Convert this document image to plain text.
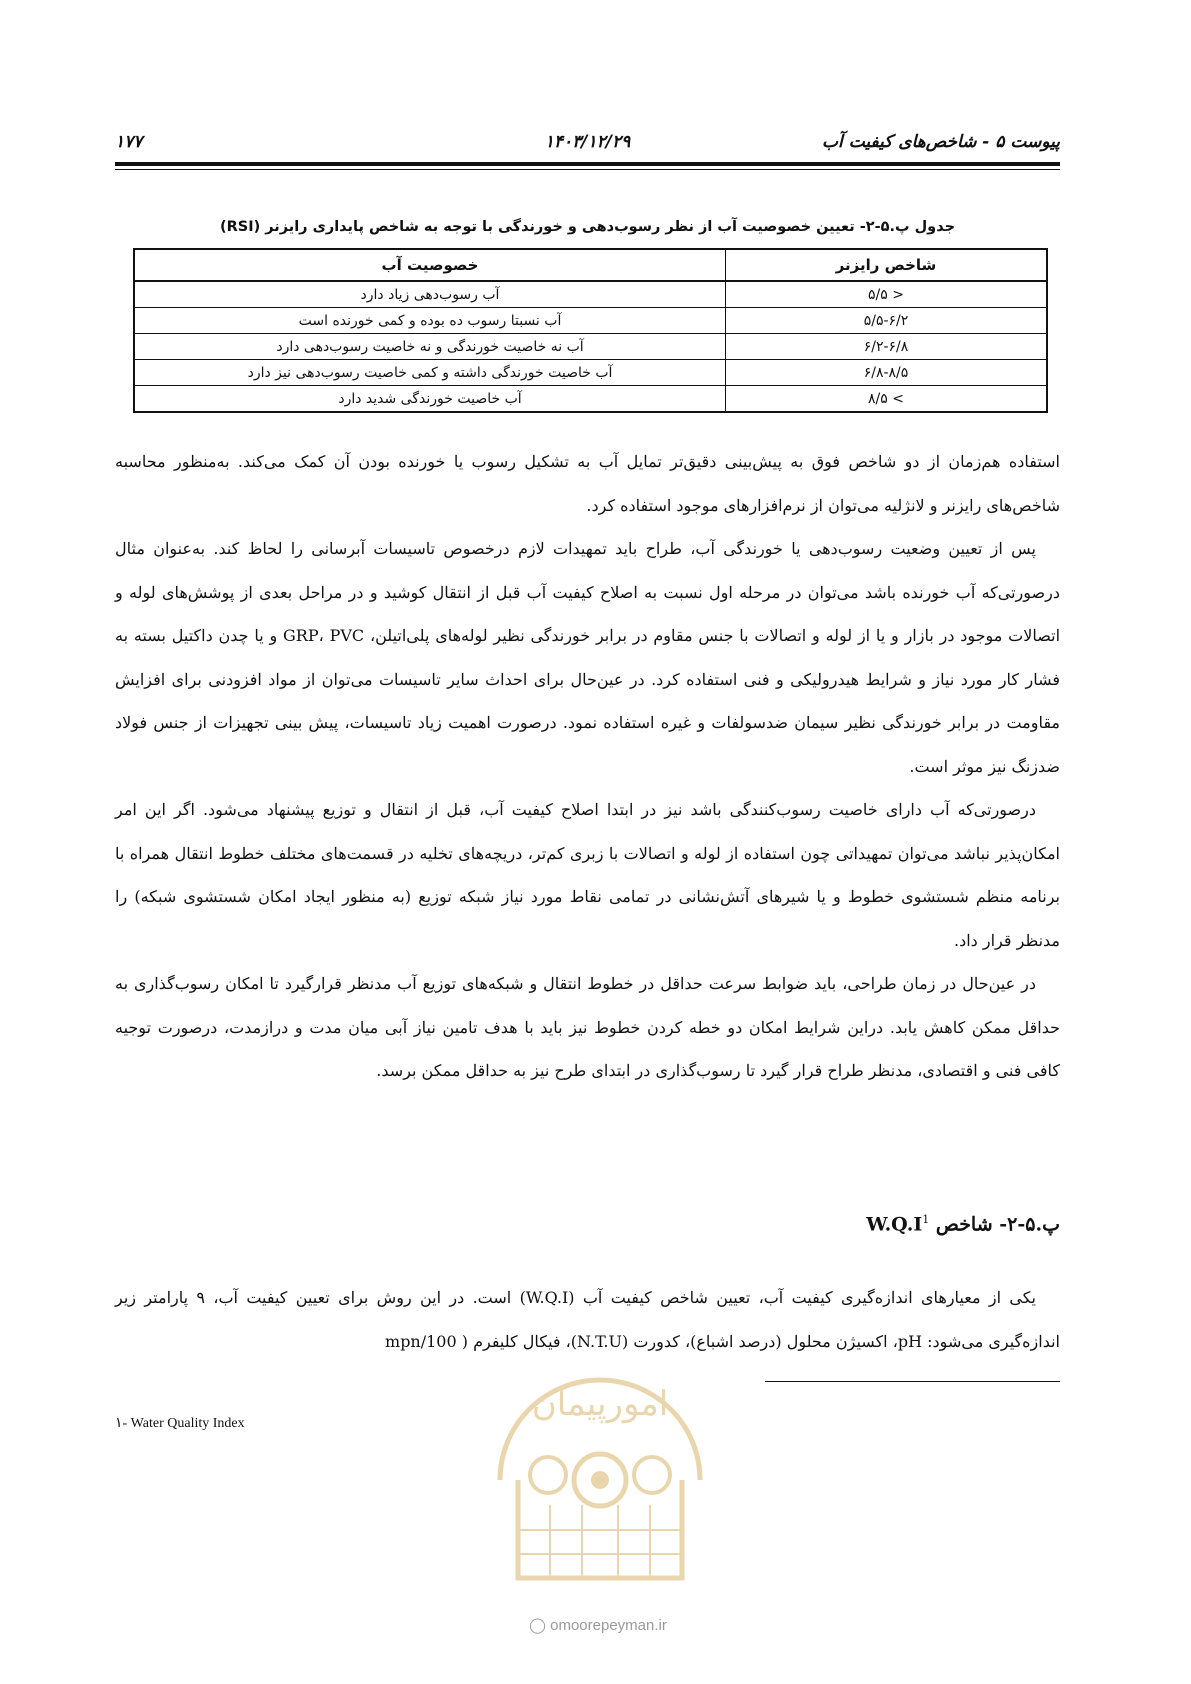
پیوست ۵ - شاخص‌های کیفیت آب
۱۴۰۳/۱۲/۲۹
۱۷۷
جدول پ.۵-۲- تعیین خصوصیت آب از نظر رسوب‌دهی و خورندگی با توجه به شاخص پایداری رایزنر (RSI)
شاخص رایزنر	خصوصیت آب
< ۵/۵	آب رسوب‌دهی زیاد دارد
۵/۵-۶/۲	آب نسبتا رسوب ده بوده و کمی خورنده است
۶/۲-۶/۸	آب نه خاصیت خورندگی و نه خاصیت رسوب‌دهی دارد
۶/۸-۸/۵	آب خاصیت خورندگی داشته و کمی خاصیت رسوب‌دهی نیز دارد
> ۸/۵	آب خاصیت خورندگی شدید دارد

استفاده هم‌زمان از دو شاخص فوق به پیش‌بینی دقیق‌تر تمایل آب به تشکیل رسوب یا خورنده بودن آن کمک می‌کند. به‌منظور محاسبه شاخص‌های رایزنر و لانژلیه می‌توان از نرم‌افزارهای موجود استفاده کرد.

پس از تعیین وضعیت رسوب‌دهی یا خورندگی آب، طراح باید تمهیدات لازم درخصوص تاسیسات آبرسانی را لحاظ کند. به‌عنوان مثال درصورتی‌که آب خورنده باشد می‌توان در مرحله اول نسبت به اصلاح کیفیت آب قبل از انتقال کوشید و در مراحل بعدی از پوشش‌های لوله و اتصالات موجود در بازار و یا از لوله و اتصالات با جنس مقاوم در برابر خورندگی نظیر لوله‌های پلی‌اتیلن، GRP، PVC و یا چدن داکتیل بسته به فشار کار مورد نیاز و شرایط هیدرولیکی و فنی استفاده کرد. در عین‌حال برای احداث سایر تاسیسات می‌توان از مواد افزودنی برای افزایش مقاومت در برابر خورندگی نظیر سیمان ضدسولفات و غیره استفاده نمود. درصورت اهمیت زیاد تاسیسات، پیش بینی تجهیزات از جنس فولاد ضدزنگ نیز موثر است.

درصورتی‌که آب دارای خاصیت رسوب‌کنندگی باشد نیز در ابتدا اصلاح کیفیت آب، قبل از انتقال و توزیع پیشنهاد می‌شود. اگر این امر امکان‌پذیر نباشد می‌توان تمهیداتی چون استفاده از لوله و اتصالات با زبری کم‌تر، دریچه‌های تخلیه در قسمت‌های مختلف خطوط انتقال همراه با برنامه منظم شستشوی خطوط و یا شیرهای آتش‌نشانی در تمامی نقاط مورد نیاز شبکه توزیع (به منظور ایجاد امکان شستشوی شبکه) را مدنظر قرار داد.

در عین‌حال در زمان طراحی، باید ضوابط سرعت حداقل در خطوط انتقال و شبکه‌های توزیع آب مدنظر قرارگیرد تا امکان رسوب‌گذاری به حداقل ممکن کاهش یابد. دراین شرایط امکان دو خطه کردن خطوط نیز باید با هدف تامین نیاز آبی میان مدت و درازمدت، درصورت توجیه کافی فنی و اقتصادی، مدنظر طراح قرار گیرد تا رسوب‌گذاری در ابتدای طرح نیز به حداقل ممکن برسد.

پ.۵-۲- شاخص $W.Q.I^1$

یکی از معیارهای اندازه‌گیری کیفیت آب، تعیین شاخص کیفیت آب (W.Q.I) است. در این روش برای تعیین کیفیت آب، ۹ پارامتر زیر اندازه‌گیری می‌شود: pH، اکسیژن محلول (درصد اشباع)، کدورت (N.T.U)، فیکال کلیفرم ( mpn/100

۱- Water Quality Index	امورپیمان
◯ omoorepeyman.ir
